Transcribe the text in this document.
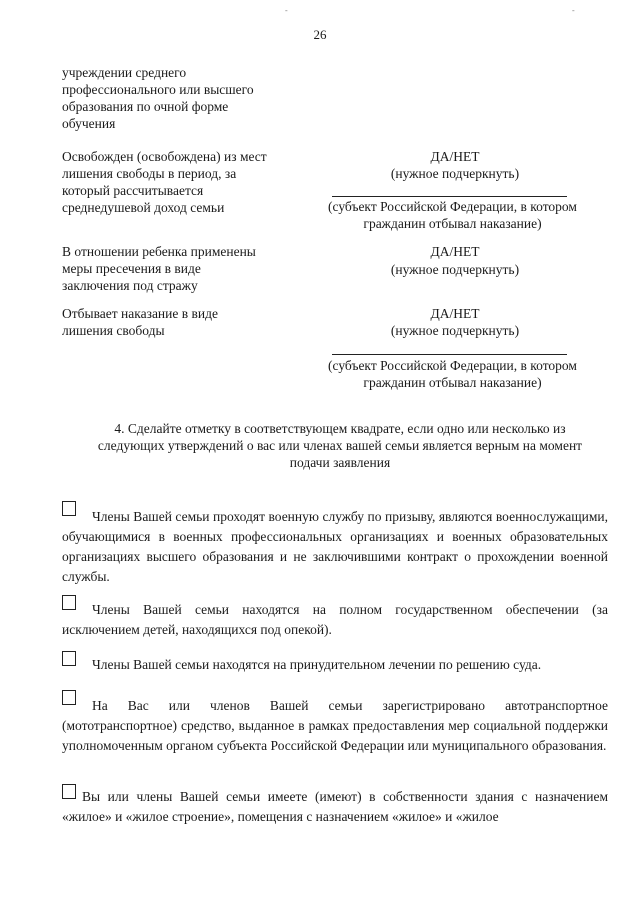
-	-
26
учреждении среднего
профессионального или высшего
образования по очной форме
обучения
Освобожден (освобождена) из мест
лишения свободы в период, за
который рассчитывается
среднедушевой доход семьи
ДА/НЕТ
(нужное подчеркнуть)
(субъект Российской Федерации, в котором
гражданин отбывал наказание)
В отношении ребенка применены
меры пресечения в виде
заключения под стражу
ДА/НЕТ
(нужное подчеркнуть)
Отбывает наказание в виде
лишения свободы
ДА/НЕТ
(нужное подчеркнуть)
(субъект Российской Федерации, в котором
гражданин отбывал наказание)
4. Сделайте отметку в соответствующем квадрате, если одно или несколько из
следующих утверждений о вас или членах вашей семьи является верным на момент
подачи заявления
Члены Вашей семьи проходят военную службу по призыву, являются военнослужащими, обучающимися в военных профессиональных организациях и военных образовательных организациях высшего образования и не заключившими контракт о прохождении военной службы.
Члены Вашей семьи находятся на полном государственном обеспечении (за исключением детей, находящихся под опекой).
Члены Вашей семьи находятся на принудительном лечении по решению суда.
На Вас или членов Вашей семьи зарегистрировано автотранспортное (мототранспортное) средство, выданное в рамках предоставления мер социальной поддержки уполномоченным органом субъекта Российской Федерации или муниципального образования.
Вы или члены Вашей семьи имеете (имеют) в собственности здания с назначением «жилое» и «жилое строение», помещения с назначением «жилое» и «жилое
